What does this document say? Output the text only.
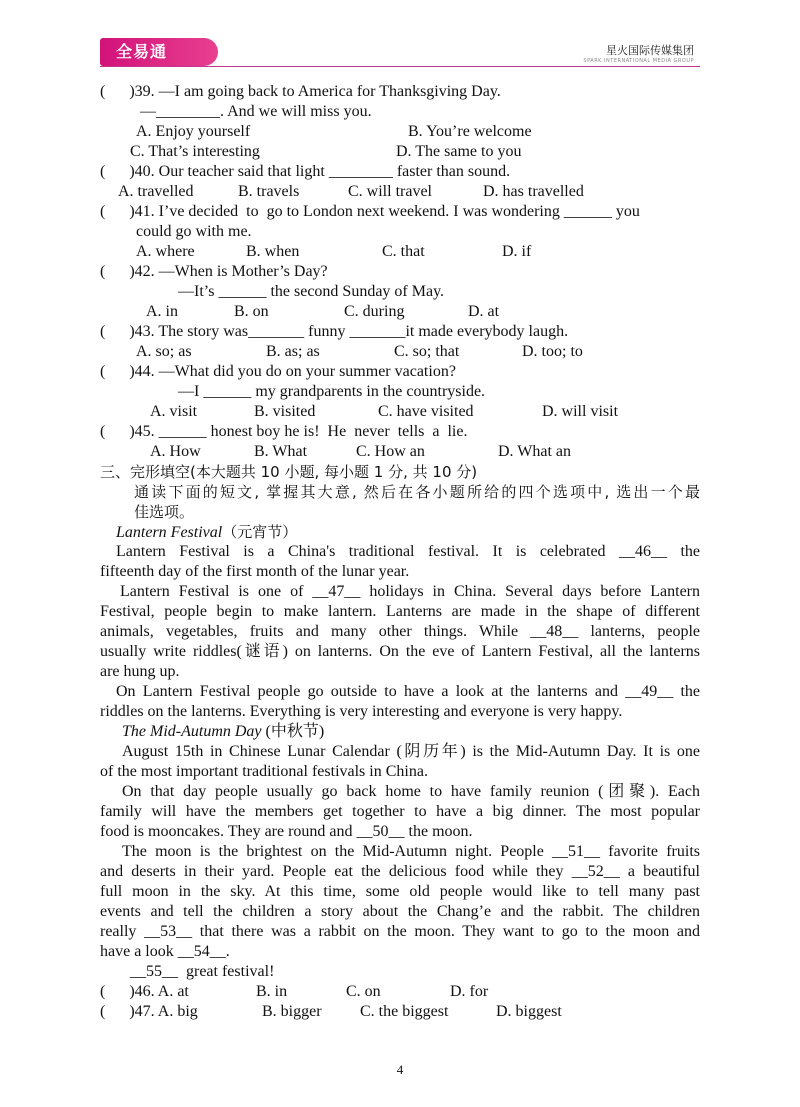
全易通	星火国际传媒集团
SPARK INTERNATIONAL MEDIA GROUP
(      )39. —I am going back to America for Thanksgiving Day.
—________. And we will miss you.
A. Enjoy yourself	B. You’re welcome
C. That’s interesting	D. The same to you
(      )40. Our teacher said that light ________ faster than sound.
A. travelled	B. travels	C. will travel	D. has travelled
(      )41. I’ve decided  to  go to London next weekend. I was wondering ______ you
could go with me.
A. where	B. when	C. that	D. if
(      )42. —When is Mother’s Day?
—It’s ______ the second Sunday of May.
A. in	B. on	C. during	D. at
(      )43. The story was_______ funny _______it made everybody laugh.
A. so; as	B. as; as	C. so; that	D. too; to
(      )44. —What did you do on your summer vacation?
—I ______ my grandparents in the countryside.
A. visit	B. visited	C. have visited	D. will visit
(      )45. ______ honest boy he is!  He  never  tells  a  lie.
A. How	B. What	C. How an	D. What an
三、完形填空(本大题共 10 小题, 每小题 1 分, 共 10 分)
通读下面的短文, 掌握其大意, 然后在各小题所给的四个选项中, 选出一个最
佳选项。
Lantern Festival（元宵节）
Lantern Festival is a China's traditional festival. It is celebrated __46__ the
fifteenth day of the first month of the lunar year.
Lantern Festival is one of __47__ holidays in China. Several days before Lantern
Festival, people begin to make lantern. Lanterns are made in the shape of different
animals, vegetables, fruits and many other things. While __48__ lanterns, people
usually write riddles(谜语) on lanterns. On the eve of Lantern Festival, all the lanterns
are hung up.
On Lantern Festival people go outside to have a look at the lanterns and __49__ the
riddles on the lanterns. Everything is very interesting and everyone is very happy.
The Mid-Autumn Day (中秋节)
August 15th in Chinese Lunar Calendar (阴历年) is the Mid-Autumn Day. It is one
of the most important traditional festivals in China.
On that day people usually go back home to have family reunion (团聚). Each
family will have the members get together to have a big dinner. The most popular
food is mooncakes. They are round and __50__ the moon.
The moon is the brightest on the Mid-Autumn night. People __51__ favorite fruits
and deserts in their yard. People eat the delicious food while they __52__ a beautiful
full moon in the sky. At this time, some old people would like to tell many past
events and tell the children a story about the Chang’e and the rabbit. The children
really __53__ that there was a rabbit on the moon. They want to go to the moon and
have a look __54__.
__55__  great festival!
(      )46. A. at	B. in	C. on	D. for
(      )47. A. big	B. bigger	C. the biggest	D. biggest
4
